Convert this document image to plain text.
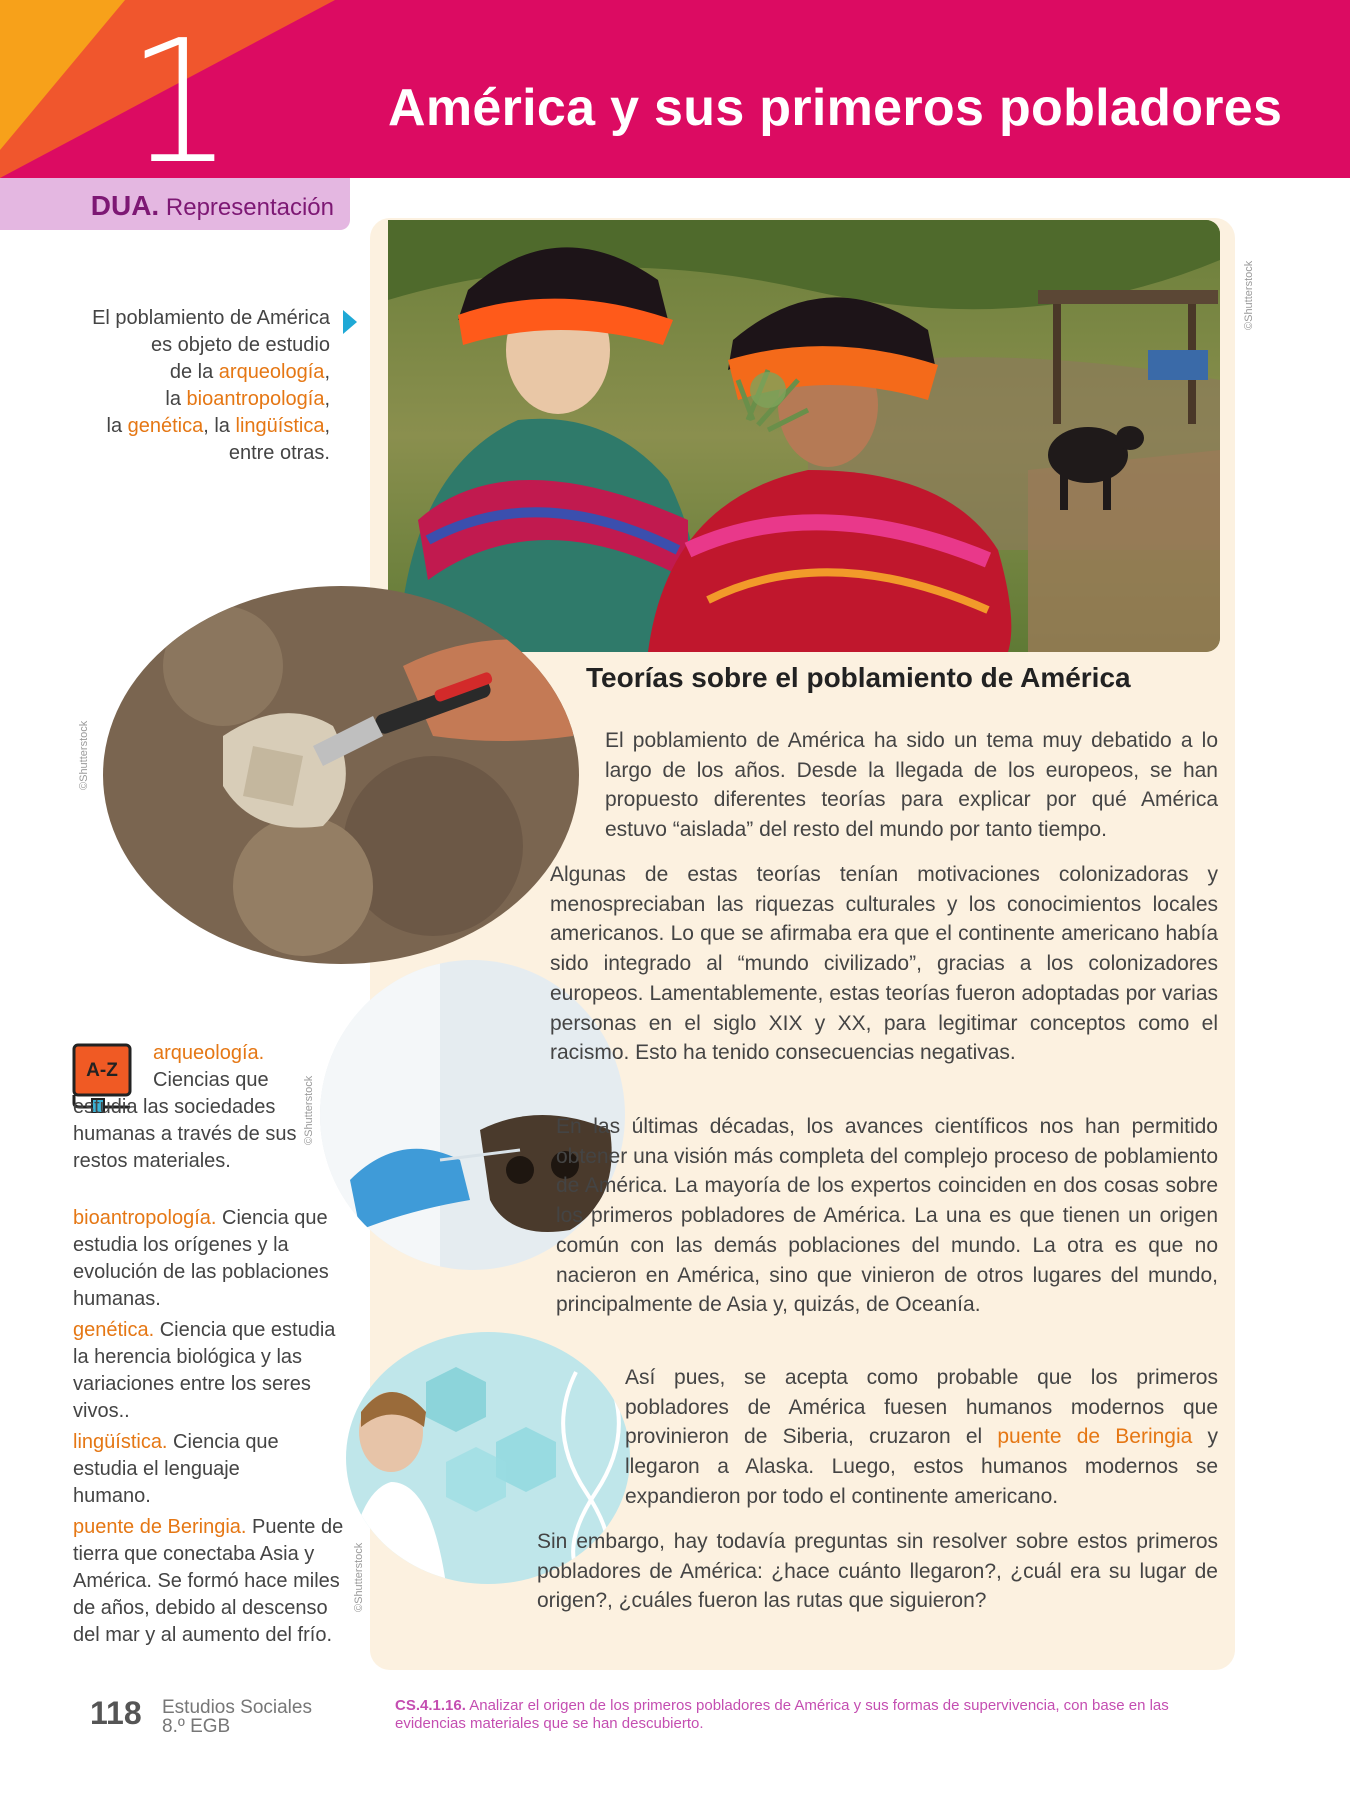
1	América y sus primeros pobladores
DUA. Representación
El poblamiento de América
es objeto de estudio
de la arqueología,
la bioantropología,
la genética, la lingüística,
entre otras.
©Shutterstock
©Shutterstock
©Shutterstock
©Shutterstock
Teorías sobre el poblamiento de América
El poblamiento de América ha sido un tema muy debatido a lo largo de los años. Desde la llegada de los europeos, se han propuesto diferentes teorías para explicar por qué América estuvo “aislada” del resto del mundo por tanto tiempo.
Algunas de estas teorías tenían motivaciones colonizadoras y menospreciaban las riquezas culturales y los conocimientos locales americanos. Lo que se afirmaba era que el continente americano había sido integrado al “mundo civilizado”, gracias a los colonizadores europeos. Lamentablemente, estas teorías fueron adoptadas por varias personas en el siglo XIX y XX, para legitimar conceptos como el racismo. Esto ha tenido consecuencias negativas.
En las últimas décadas, los avances científicos nos han permitido obtener una visión más completa del complejo proceso de poblamiento de América. La mayoría de los expertos coinciden en dos cosas sobre los primeros pobladores de América. La una es que tienen un origen común con las demás poblaciones del mundo. La otra es que no nacieron en América, sino que vinieron de otros lugares del mundo, principalmente de Asia y, quizás, de Oceanía.
Así pues, se acepta como probable que los primeros pobladores de América fuesen humanos modernos que provinieron de Siberia, cruzaron el puente de Beringia y llegaron a Alaska. Luego, estos humanos modernos se expandieron por todo el continente americano.
Sin embargo, hay todavía preguntas sin resolver sobre estos primeros pobladores de América: ¿hace cuánto llegaron?, ¿cuál era su lugar de origen?, ¿cuáles fueron las rutas que siguieron?
A-Z
arqueología.
Ciencias que estudia las sociedades humanas a través de sus restos materiales.
bioantropología. Ciencia que estudia los orígenes y la evolución de las poblaciones humanas.
genética. Ciencia que estudia la herencia biológica y las variaciones entre los seres vivos..
lingüística. Ciencia que estudia el lenguaje humano.
puente de Beringia. Puente de tierra que conectaba Asia y América. Se formó hace miles de años, debido al descenso del mar y al aumento del frío.
118 Estudios Sociales
8.º EGB
CS.4.1.16. Analizar el origen de los primeros pobladores de América y sus formas de supervivencia, con base en las evidencias materiales que se han descubierto.
